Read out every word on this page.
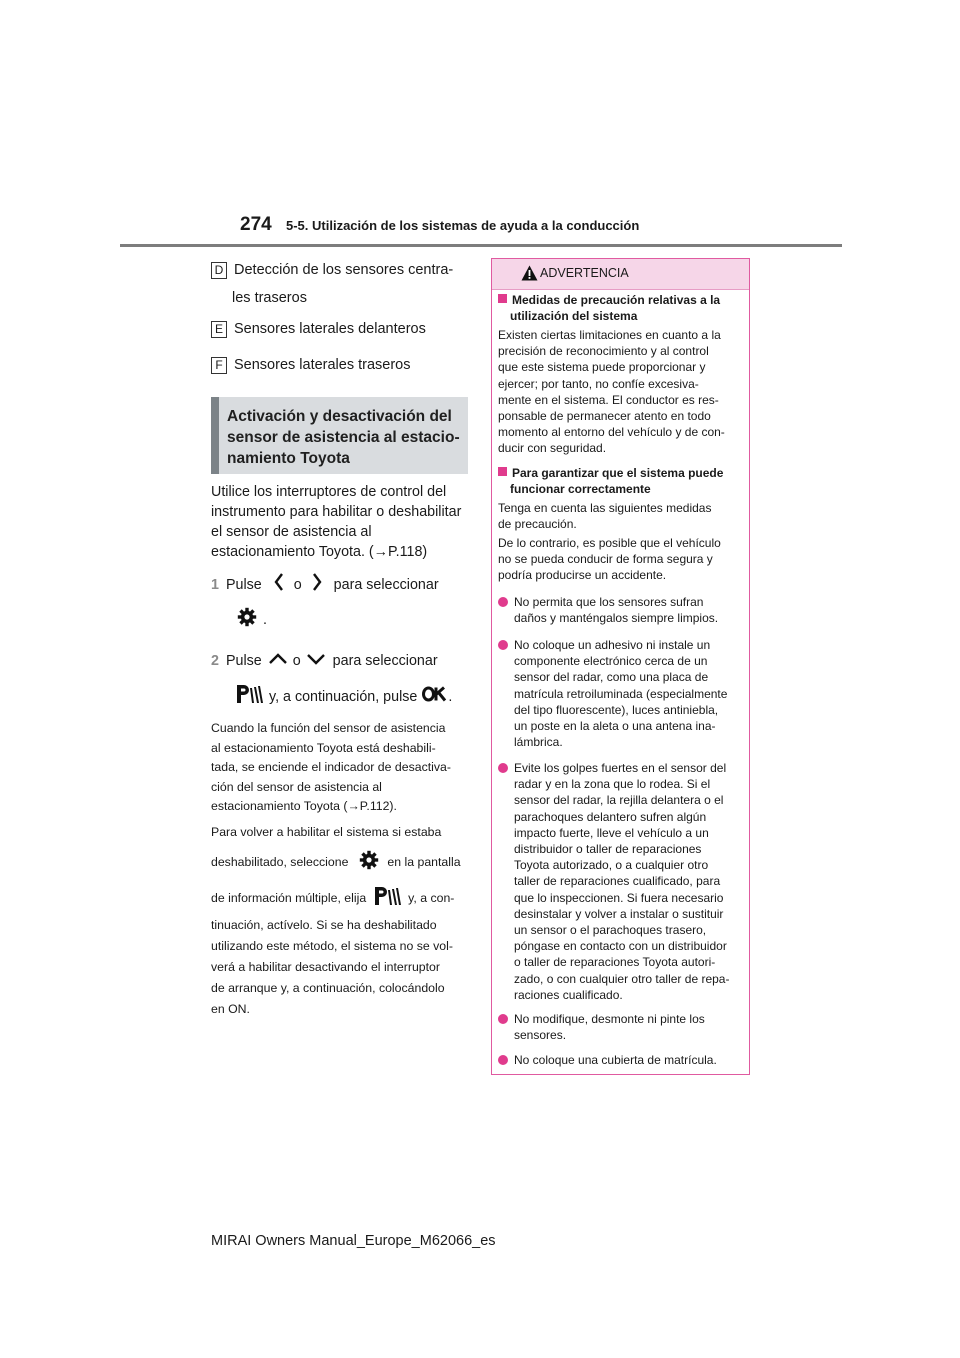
274 5-5. Utilización de los sistemas de ayuda a la conducción
D Detección de los sensores centra-
les traseros
E Sensores laterales delanteros
F Sensores laterales traseros
Activación y desactivación del
sensor de asistencia al estacio-
namiento Toyota
Utilice los interruptores de control del
instrumento para habilitar o deshabilitar
el sensor de asistencia al
estacionamiento Toyota. (→P.118)
1 Pulse o para seleccionar
.
2 Pulse o para seleccionar
y, a continuación, pulse .
Cuando la función del sensor de asistencia
al estacionamiento Toyota está deshabili-
tada, se enciende el indicador de desactiva-
ción del sensor de asistencia al
estacionamiento Toyota (→P.112).
Para volver a habilitar el sistema si estaba
deshabilitado, seleccione	en la pantalla
de información múltiple, elija	y, a con-
tinuación, actívelo. Si se ha deshabilitado
utilizando este método, el sistema no se vol-
verá a habilitar desactivando el interruptor
de arranque y, a continuación, colocándolo
en ON.
ADVERTENCIA
Medidas de precaución relativas a la
utilización del sistema
Existen ciertas limitaciones en cuanto a la
precisión de reconocimiento y al control
que este sistema puede proporcionar y
ejercer; por tanto, no confíe excesiva-
mente en el sistema. El conductor es res-
ponsable de permanecer atento en todo
momento al entorno del vehículo y de con-
ducir con seguridad.
Para garantizar que el sistema puede
funcionar correctamente
Tenga en cuenta las siguientes medidas
de precaución.
De lo contrario, es posible que el vehículo
no se pueda conducir de forma segura y
podría producirse un accidente.
No permita que los sensores sufran
daños y manténgalos siempre limpios.
No coloque un adhesivo ni instale un
componente electrónico cerca de un
sensor del radar, como una placa de
matrícula retroiluminada (especialmente
del tipo fluorescente), luces antiniebla,
un poste en la aleta o una antena ina-
lámbrica.
Evite los golpes fuertes en el sensor del
radar y en la zona que lo rodea. Si el
sensor del radar, la rejilla delantera o el
parachoques delantero sufren algún
impacto fuerte, lleve el vehículo a un
distribuidor o taller de reparaciones
Toyota autorizado, o a cualquier otro
taller de reparaciones cualificado, para
que lo inspeccionen. Si fuera necesario
desinstalar y volver a instalar o sustituir
un sensor o el parachoques trasero,
póngase en contacto con un distribuidor
o taller de reparaciones Toyota autori-
zado, o con cualquier otro taller de repa-
raciones cualificado.
No modifique, desmonte ni pinte los
sensores.
No coloque una cubierta de matrícula.
MIRAI Owners Manual_Europe_M62066_es
